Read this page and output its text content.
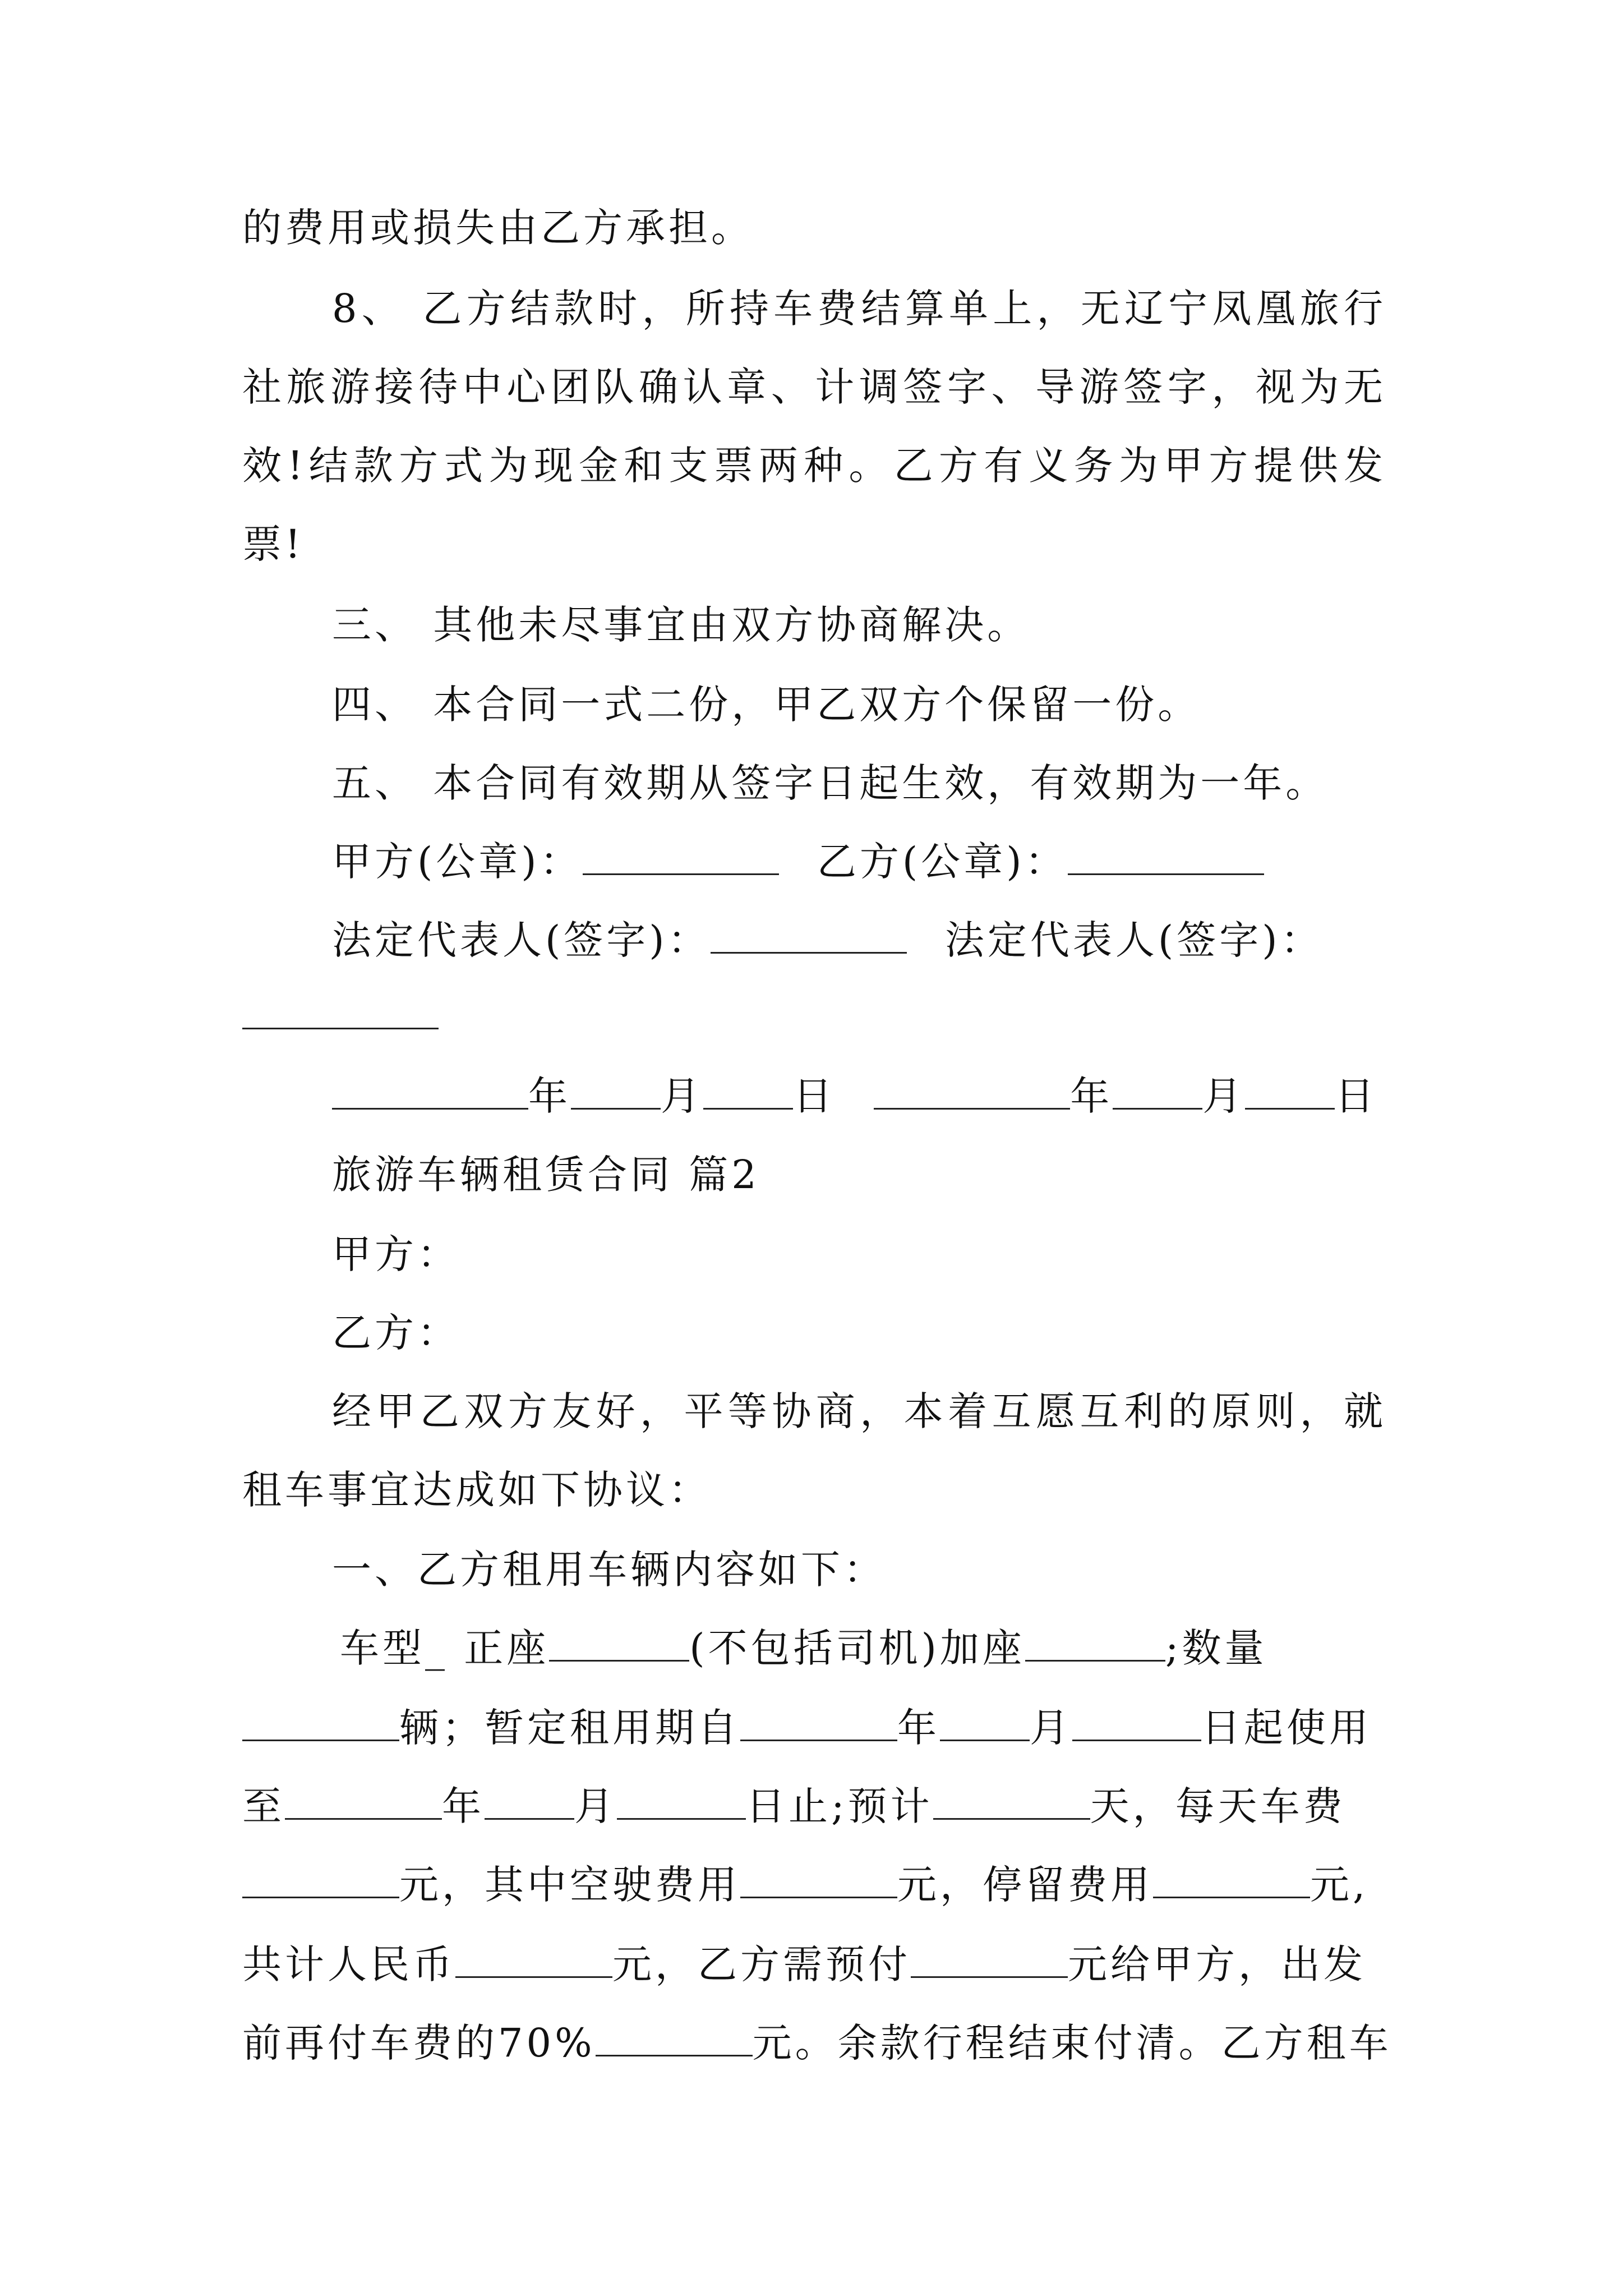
的费用或损失由乙方承担。
8、 乙方结款时，所持车费结算单上，无辽宁凤凰旅行
社旅游接待中心团队确认章、计调签字、导游签字，视为无
效!结款方式为现金和支票两种。乙方有义务为甲方提供发
票!
三、 其他未尽事宜由双方协商解决。
四、 本合同一式二份，甲乙双方个保留一份。
五、 本合同有效期从签字日起生效，有效期为一年。
甲方(公章)：	乙方(公章)：
法定代表人(签字)：	法定代表人(签字)：
年 月 日	年 月 日
旅游车辆租赁合同 篇2
甲方：
乙方：
经甲乙双方友好，平等协商，本着互愿互利的原则，就
租车事宜达成如下协议：
一、乙方租用车辆内容如下：
车型_ 正座	(不包括司机)加座	;数量
辆；暂定租用期自	年 月	日起使用
至	年 月	日止;预计	天，每天车费
元，其中空驶费用	元，停留费用	元,
共计人民币	元，乙方需预付	元给甲方，出发
前再付车费的70%	元。余款行程结束付清。乙方租车
